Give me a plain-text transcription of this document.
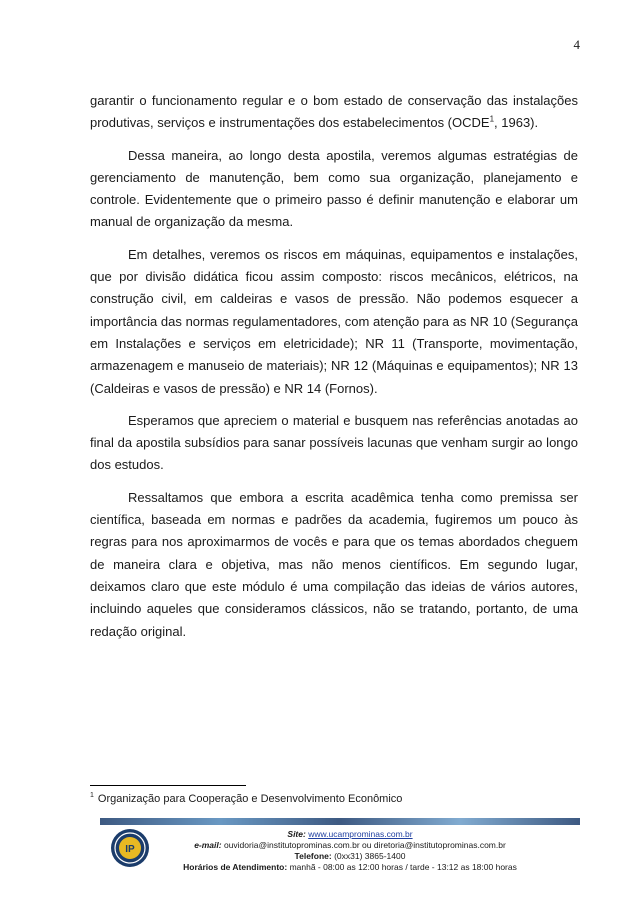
4

garantir o funcionamento regular e o bom estado de conservação das instalações produtivas, serviços e instrumentações dos estabelecimentos (OCDE$^1$, 1963).

Dessa maneira, ao longo desta apostila, veremos algumas estratégias de gerenciamento de manutenção, bem como sua organização, planejamento e controle. Evidentemente que o primeiro passo é definir manutenção e elaborar um manual de organização da mesma.

Em detalhes, veremos os riscos em máquinas, equipamentos e instalações, que por divisão didática ficou assim composto: riscos mecânicos, elétricos, na construção civil, em caldeiras e vasos de pressão. Não podemos esquecer a importância das normas regulamentadores, com atenção para as NR 10 (Segurança em Instalações e serviços em eletricidade); NR 11 (Transporte, movimentação, armazenagem e manuseio de materiais); NR 12 (Máquinas e equipamentos); NR 13 (Caldeiras e vasos de pressão) e NR 14 (Fornos).

Esperamos que apreciem o material e busquem nas referências anotadas ao final da apostila subsídios para sanar possíveis lacunas que venham surgir ao longo dos estudos.

Ressaltamos que embora a escrita acadêmica tenha como premissa ser científica, baseada em normas e padrões da academia, fugiremos um pouco às regras para nos aproximarmos de vocês e para que os temas abordados cheguem de maneira clara e objetiva, mas não menos científicos. Em segundo lugar, deixamos claro que este módulo é uma compilação das ideias de vários autores, incluindo aqueles que consideramos clássicos, não se tratando, portanto, de uma redação original.

$^1$ Organização para Cooperação e Desenvolvimento Econômico
IP
Site: www.ucamprominas.com.br
e-mail: ouvidoria@institutoprominas.com.br ou diretoria@institutoprominas.com.br
Telefone: (0xx31) 3865-1400
Horários de Atendimento: manhã - 08:00 as 12:00 horas / tarde - 13:12 as 18:00 horas
